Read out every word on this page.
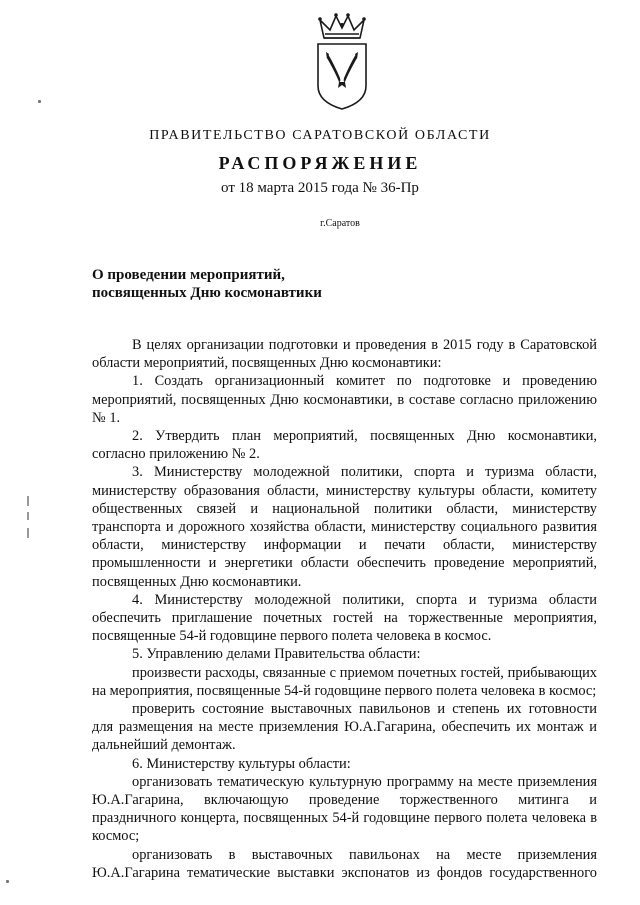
ПРАВИТЕЛЬСТВО САРАТОВСКОЙ ОБЛАСТИ
РАСПОРЯЖЕНИЕ
от 18 марта 2015 года № 36-Пр
г.Саратов
О проведении мероприятий,
посвященных Дню космонавтики

В целях организации подготовки и проведения в 2015 году в Саратовской области мероприятий, посвященных Дню космонавтики:

1. Создать организационный комитет по подготовке и проведению мероприятий, посвященных Дню космонавтики, в составе согласно приложению № 1.

2. Утвердить план мероприятий, посвященных Дню космонавтики, согласно приложению № 2.

3. Министерству молодежной политики, спорта и туризма области, министерству образования области, министерству культуры области, комитету общественных связей и национальной политики области, министерству транспорта и дорожного хозяйства области, министерству социального развития области, министерству информации и печати области, министерству промышленности и энергетики области обеспечить проведение мероприятий, посвященных Дню космонавтики.

4. Министерству молодежной политики, спорта и туризма области обеспечить приглашение почетных гостей на торжественные мероприятия, посвященные 54-й годовщине первого полета человека в космос.

5. Управлению делами Правительства области:

произвести расходы, связанные с приемом почетных гостей, прибывающих на мероприятия, посвященные 54-й годовщине первого полета человека в космос;

проверить состояние выставочных павильонов и степень их готовности для размещения на месте приземления Ю.А.Гагарина, обеспечить их монтаж и дальнейший демонтаж.

6. Министерству культуры области:

организовать тематическую культурную программу на месте приземления Ю.А.Гагарина, включающую проведение торжественного митинга и праздничного концерта, посвященных 54-й годовщине первого полета человека в космос;

организовать в выставочных павильонах на месте приземления Ю.А.Гагарина тематические выставки экспонатов из фондов государственного
